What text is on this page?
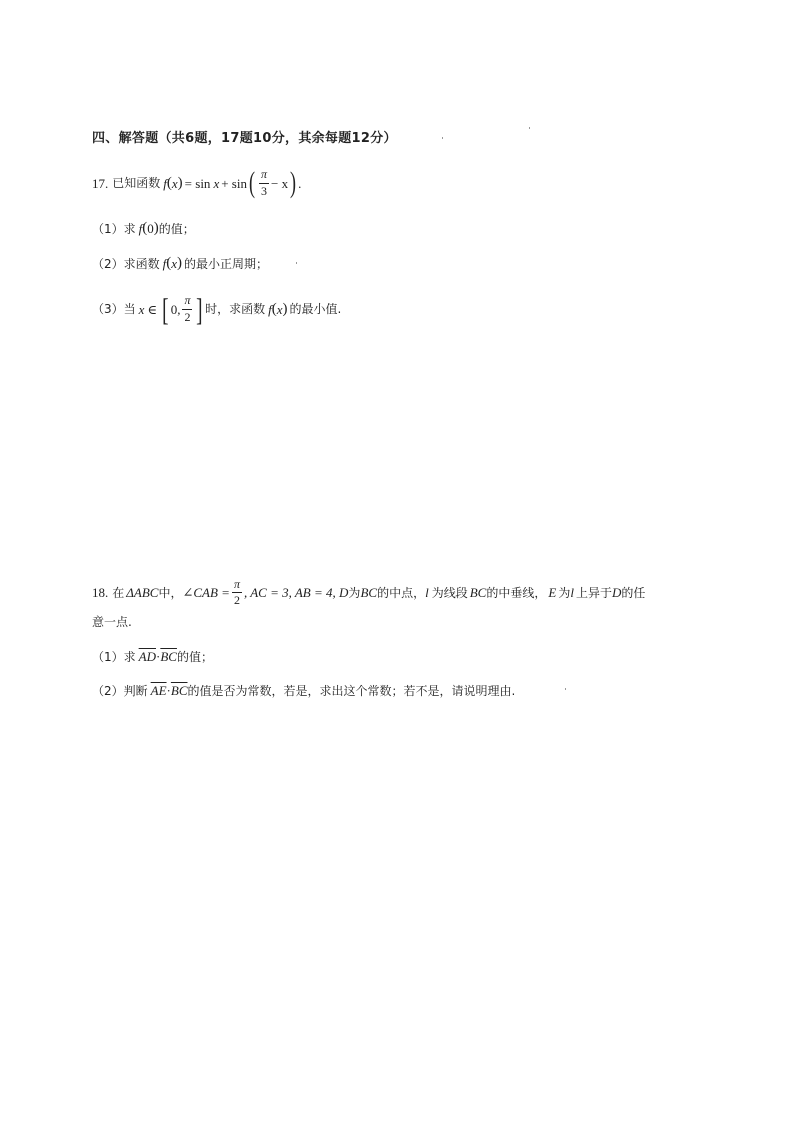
四、解答题（共6题，17题10分，其余每题12分）
17. 已知函数 f ( x ) = sin x + sin ( $\frac{\pi}{3} - x$ ) .
（1）求 f ( 0 ) 的值；
（2）求函数 f ( x ) 的最小正周期；
（3）当 x ∈ [ 0, $\frac{\pi}{2}$ ] 时，求函数 f ( x ) 的最小值.
18. 在 ΔABC 中， ∠CAB = $\frac{\pi}{2}$ , AC = 3, AB = 4, D 为 BC 的中点， l 为线段 BC 的中垂线， E 为 l 上异于 D 的任
意一点.
（1）求 $\overline{AD} \cdot \overline{BC}$ 的值；
（2）判断 $\overline{AE} \cdot \overline{BC}$ 的值是否为常数，若是，求出这个常数；若不是，请说明理由.
